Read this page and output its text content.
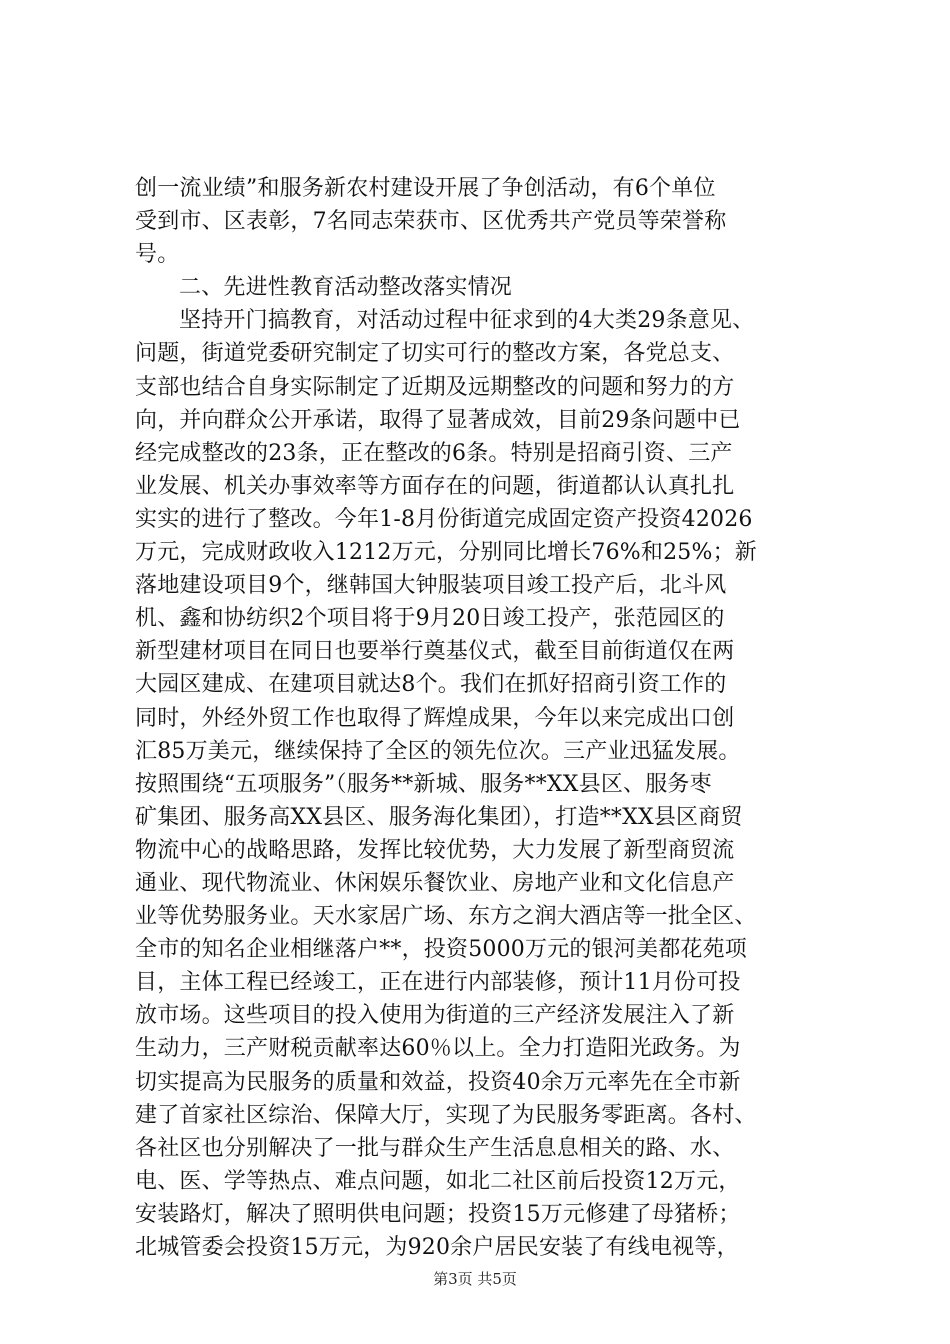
创一流业绩”和服务新农村建设开展了争创活动，有6个单位
受到市、区表彰，7名同志荣获市、区优秀共产党员等荣誉称
号。
二、先进性教育活动整改落实情况
坚持开门搞教育，对活动过程中征求到的4大类29条意见、
问题，街道党委研究制定了切实可行的整改方案，各党总支、
支部也结合自身实际制定了近期及远期整改的问题和努力的方
向，并向群众公开承诺，取得了显著成效，目前29条问题中已
经完成整改的23条，正在整改的6条。特别是招商引资、三产
业发展、机关办事效率等方面存在的问题，街道都认认真扎扎
实实的进行了整改。今年1-8月份街道完成固定资产投资42026
万元，完成财政收入1212万元，分别同比增长76%和25%；新
落地建设项目9个，继韩国大钟服装项目竣工投产后，北斗风
机、鑫和协纺织2个项目将于9月20日竣工投产，张范园区的
新型建材项目在同日也要举行奠基仪式，截至目前街道仅在两
大园区建成、在建项目就达8个。我们在抓好招商引资工作的
同时，外经外贸工作也取得了辉煌成果，今年以来完成出口创
汇85万美元，继续保持了全区的领先位次。三产业迅猛发展。
按照围绕“五项服务”（服务**新城、服务**XX县区、服务枣
矿集团、服务高XX县区、服务海化集团），打造**XX县区商贸
物流中心的战略思路，发挥比较优势，大力发展了新型商贸流
通业、现代物流业、休闲娱乐餐饮业、房地产业和文化信息产
业等优势服务业。天水家居广场、东方之润大酒店等一批全区、
全市的知名企业相继落户**，投资5000万元的银河美都花苑项
目，主体工程已经竣工，正在进行内部装修，预计11月份可投
放市场。这些项目的投入使用为街道的三产经济发展注入了新
生动力，三产财税贡献率达60％以上。全力打造阳光政务。为
切实提高为民服务的质量和效益，投资40余万元率先在全市新
建了首家社区综治、保障大厅，实现了为民服务零距离。各村、
各社区也分别解决了一批与群众生产生活息息相关的路、水、
电、医、学等热点、难点问题，如北二社区前后投资12万元，
安装路灯，解决了照明供电问题；投资15万元修建了母猪桥；
北城管委会投资15万元，为920余户居民安装了有线电视等，
第3页 共5页
